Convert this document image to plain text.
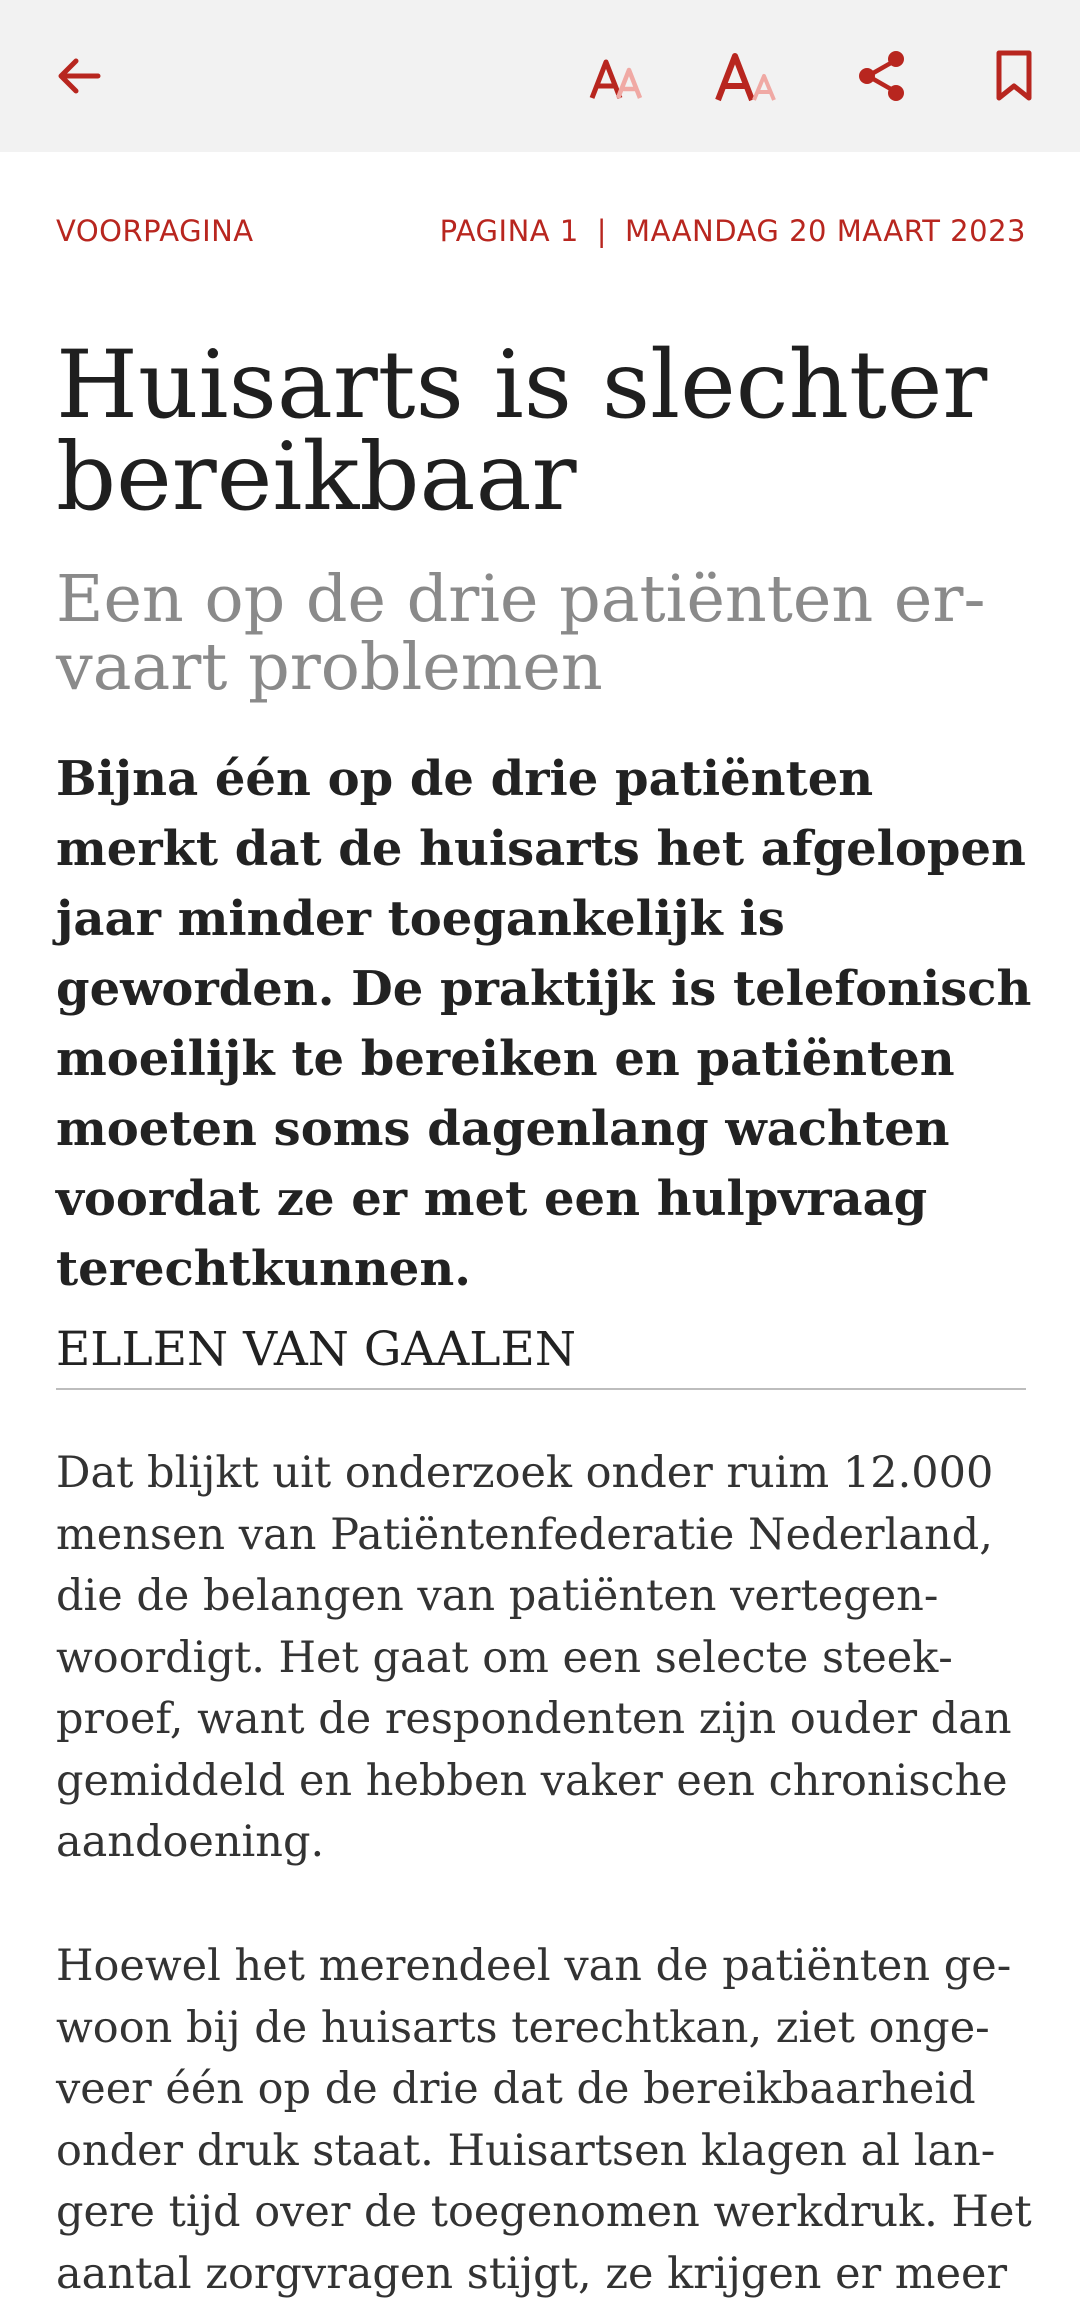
VOORPAGINA	PAGINA 1 | MAANDAG 20 MAART 2023
Huisarts is slechter bereikbaar
Een op de drie patiënten ervaart problemen

Bijna één op de drie patiënten merkt dat de huisarts het afgelopen jaar minder toegankelijk is geworden. De praktijk is telefonisch moeilijk te bereiken en patiënten moeten soms dagenlang wachten voordat ze er met een hulpvraag terechtkunnen.

ELLEN VAN GAALEN

Dat blijkt uit onderzoek onder ruim 12.000 mensen van Patiëntenfederatie Nederland, die de belangen van patiënten vertegenwoordigt. Het gaat om een selecte steekproef, want de respondenten zijn ouder dan gemiddeld en hebben vaker een chronische aandoening.

Hoewel het merendeel van de patiënten gewoon bij de huisarts terechtkan, ziet ongeveer één op de drie dat de bereikbaarheid onder druk staat. Huisartsen klagen al langere tijd over de toegenomen werkdruk. Het aantal zorgvragen stijgt, ze krijgen er meer
